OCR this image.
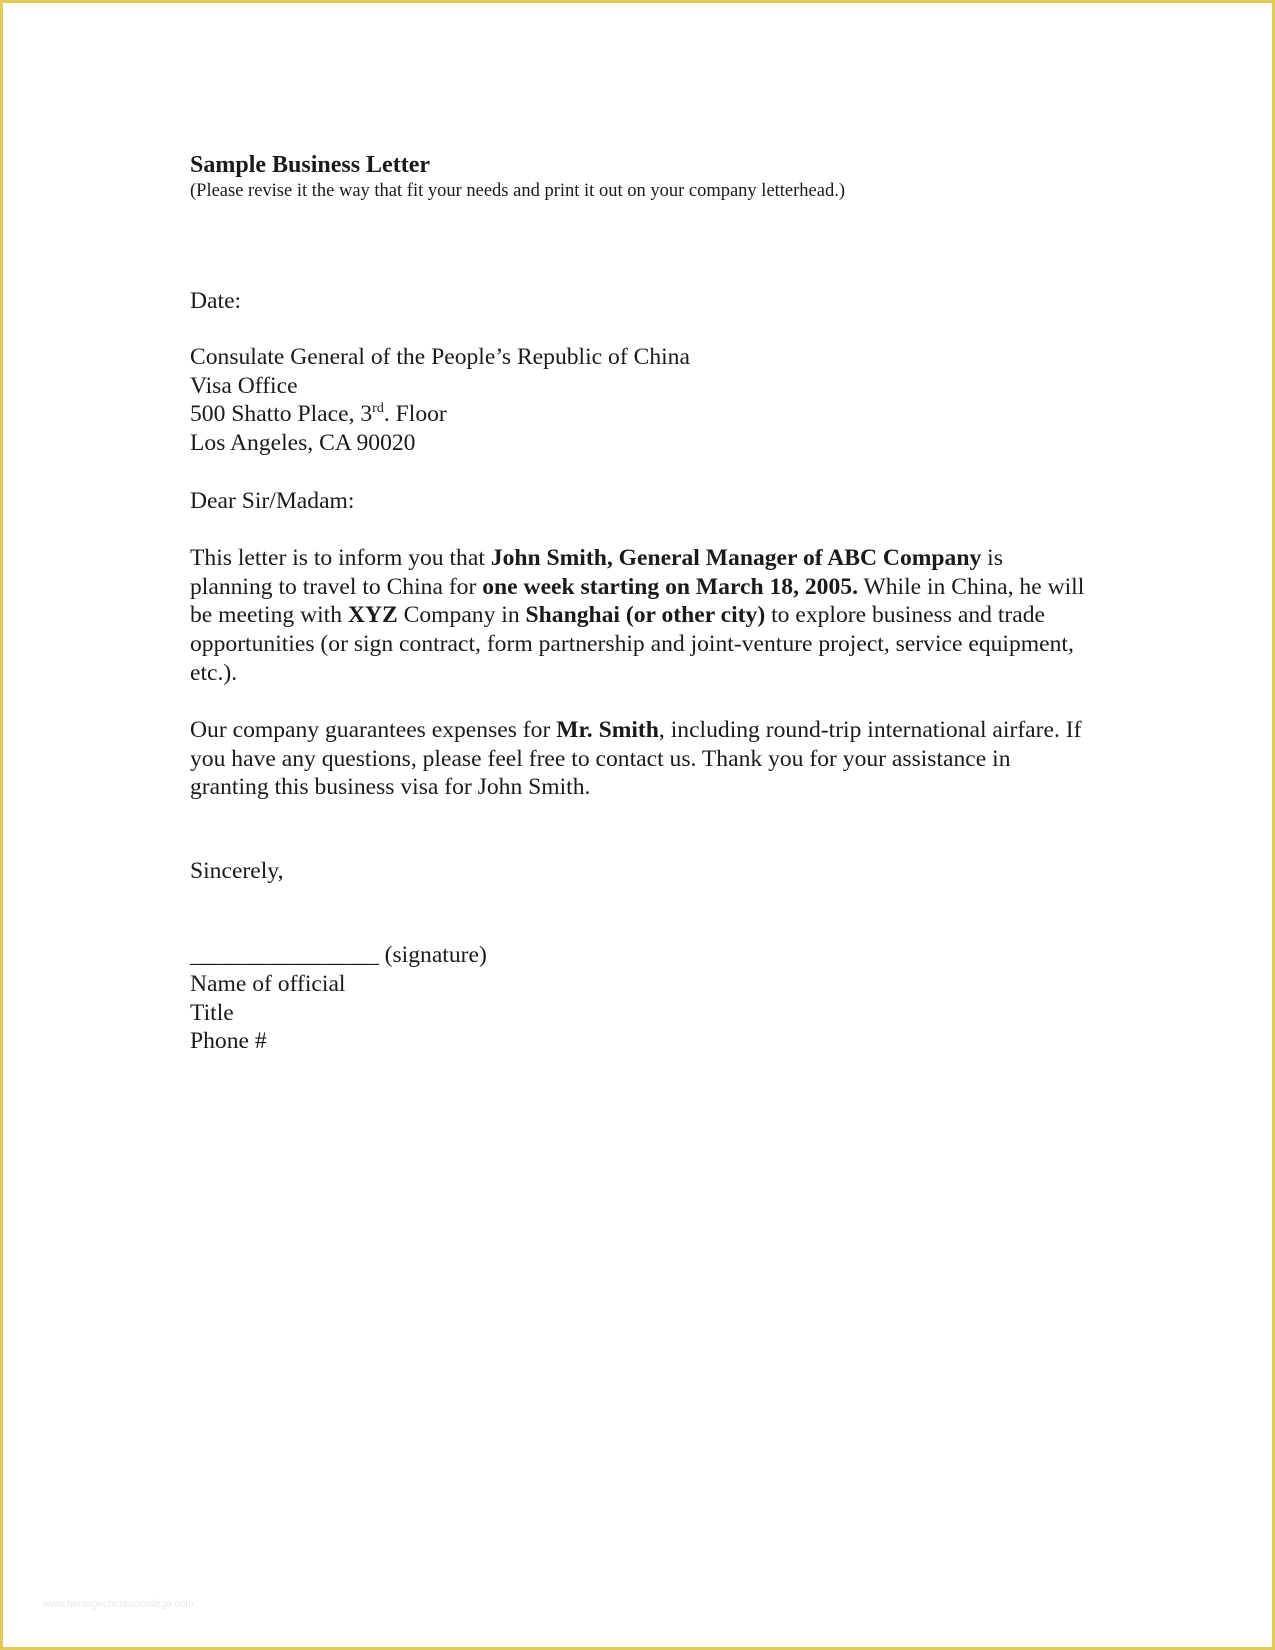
Sample Business Letter

(Please revise it the way that fit your needs and print it out on your company letterhead.)

Date:

Consulate General of the People’s Republic of China
Visa Office
500 Shatto Place, 3rd. Floor
Los Angeles, CA 90020

Dear Sir/Madam:

This letter is to inform you that John Smith, General Manager of ABC Company is planning to travel to China for one week starting on March 18, 2005. While in China, he will be meeting with XYZ Company in Shanghai (or other city) to explore business and trade opportunities (or sign contract, form partnership and joint-venture project, service equipment, etc.).

Our company guarantees expenses for Mr. Smith, including round-trip international airfare. If you have any questions, please feel free to contact us. Thank you for your assistance in granting this business visa for John Smith.

Sincerely,

________________ (signature)
Name of official
Title
Phone #
www.heritagechristiancollege.com
